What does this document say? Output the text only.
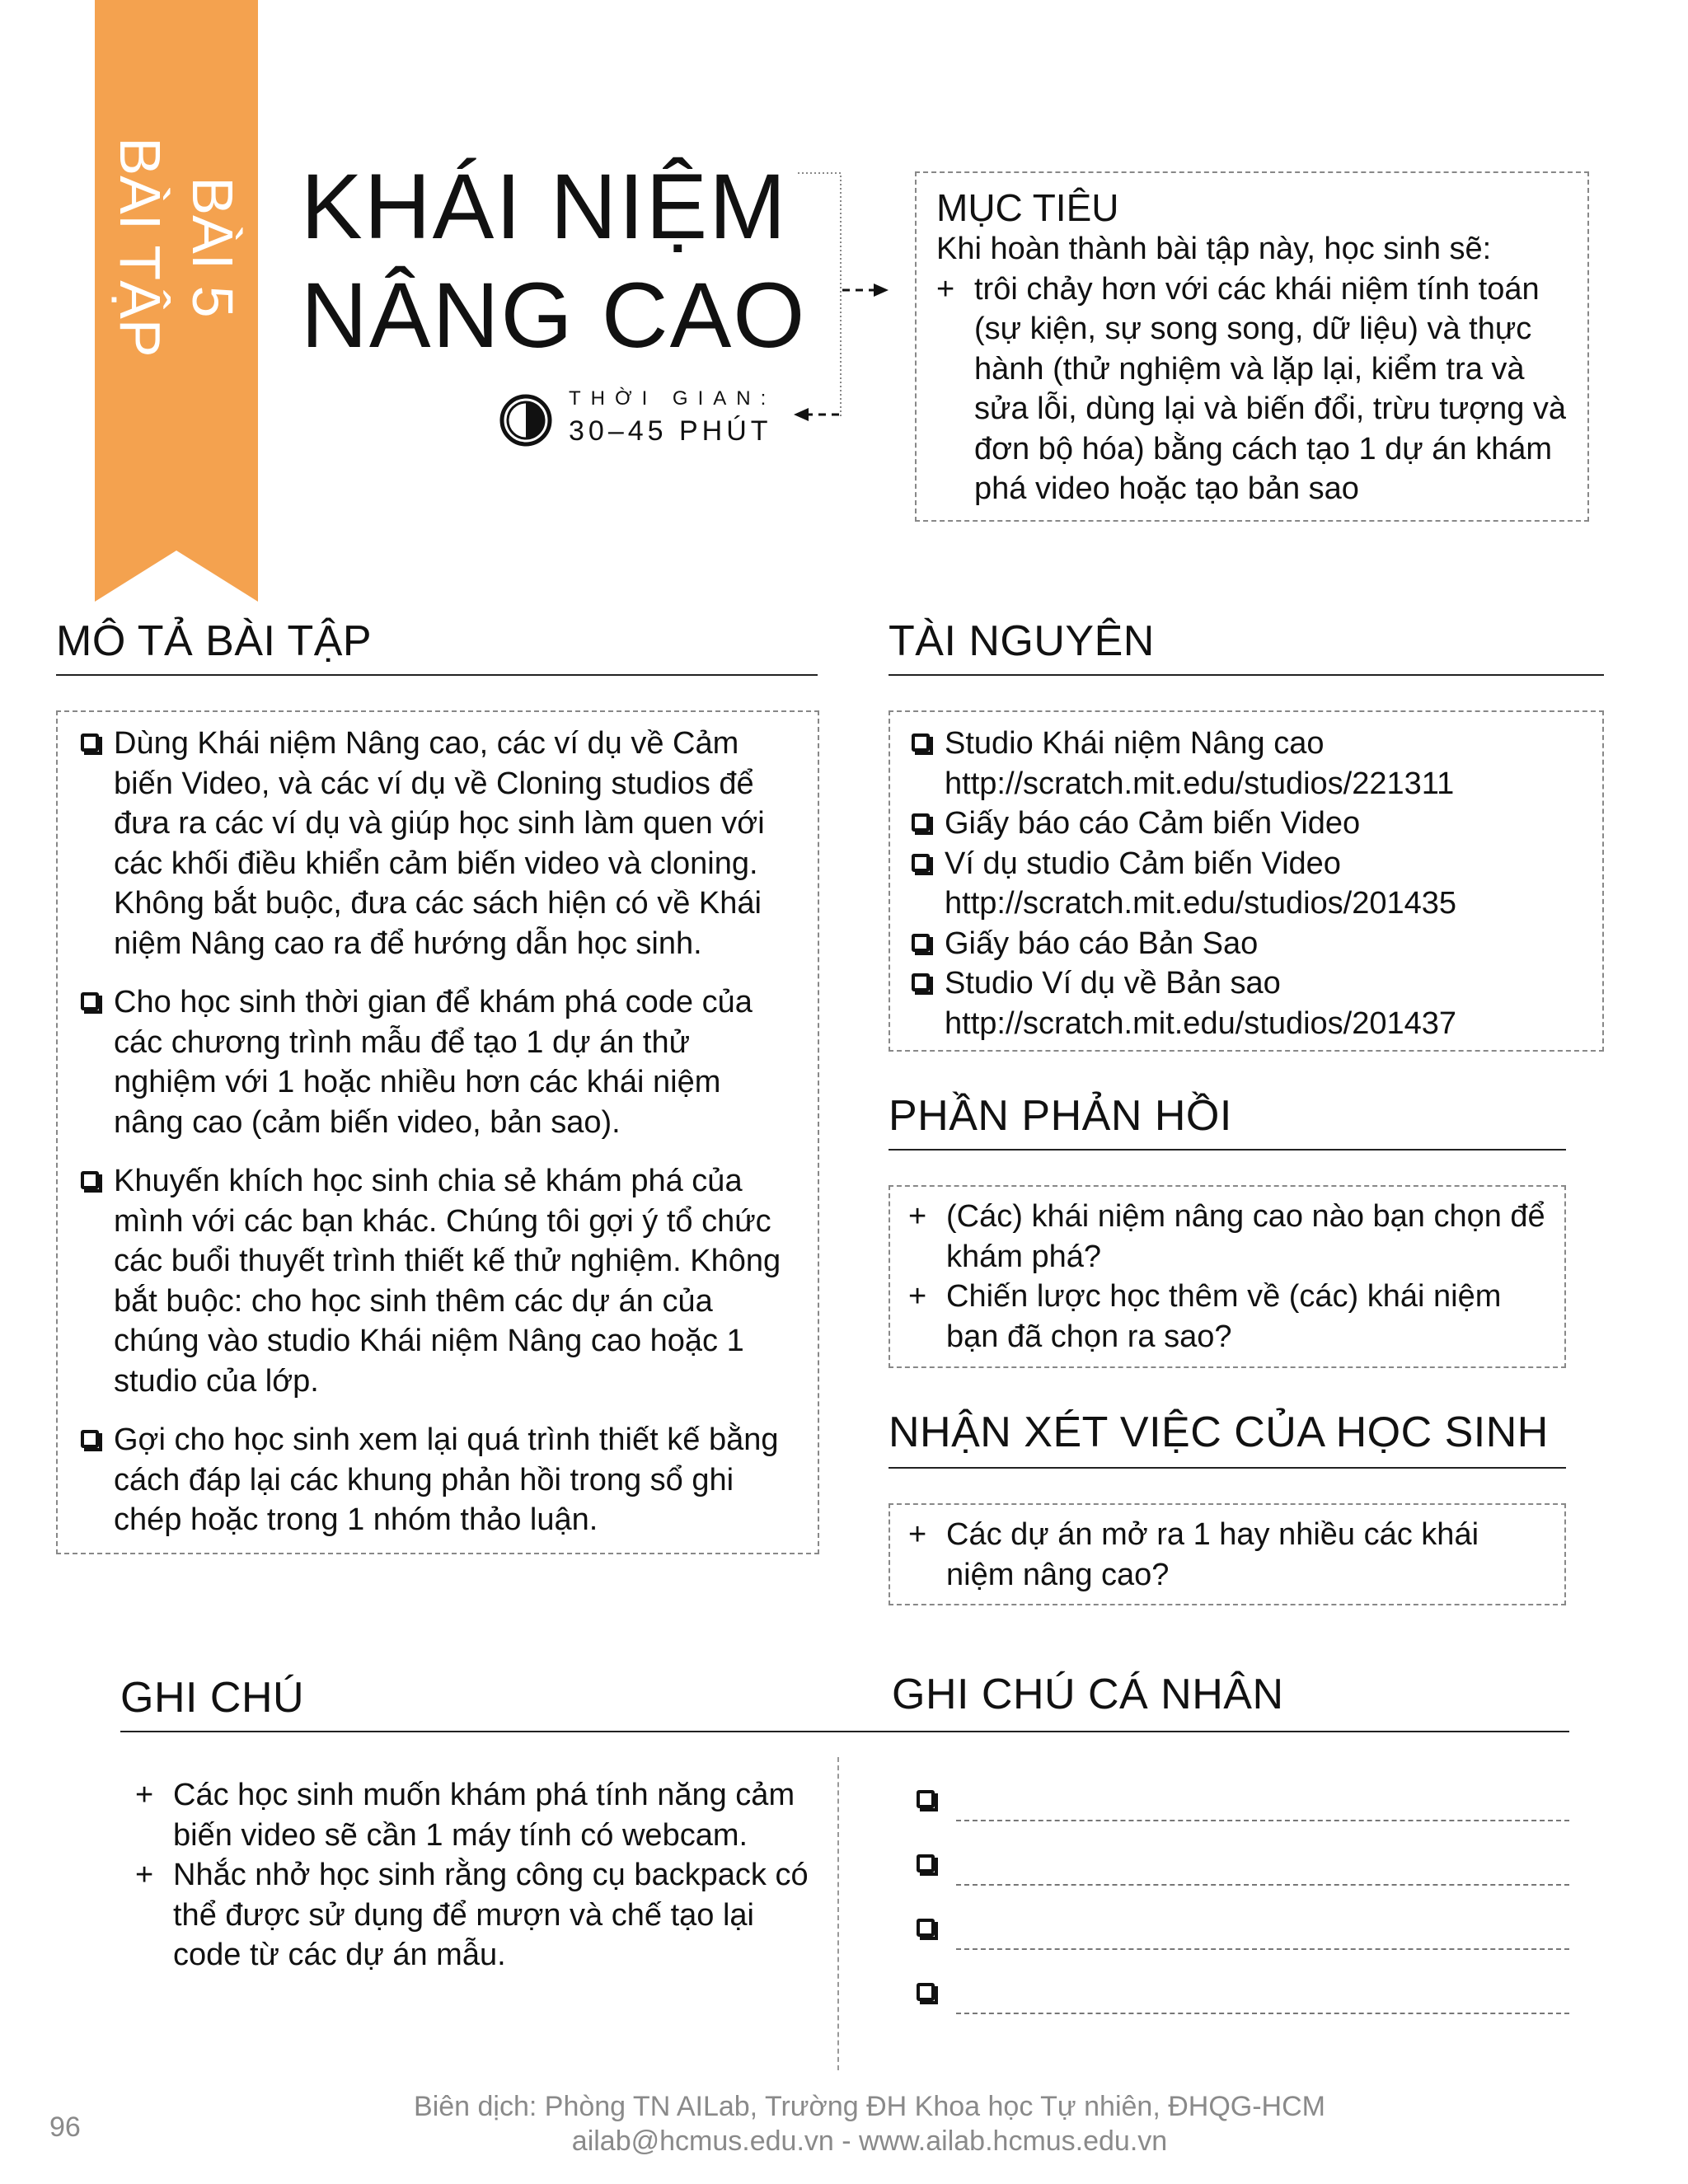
BÀI 5
BÀI TẬP KHÁI NIỆM
NÂNG CAO
THỜI GIAN:
30–45 PHÚT
MỤC TIÊU
Khi hoàn thành bài tập này, học sinh sẽ:
+ trôi chảy hơn với các khái niệm tính toán (sự kiện, sự song song, dữ liệu) và thực hành (thử nghiệm và lặp lại, kiểm tra và sửa lỗi, dùng lại và biến đổi, trừu tượng và đơn bộ hóa) bằng cách tạo 1 dự án khám phá video hoặc tạo bản sao
MÔ TẢ BÀI TẬP
Dùng Khái niệm Nâng cao, các ví dụ về Cảm biến Video, và các ví dụ về Cloning studios để đưa ra các ví dụ và giúp học sinh làm quen với các khối điều khiển cảm biến video và cloning. Không bắt buộc, đưa các sách hiện có về Khái niệm Nâng cao ra để hướng dẫn học sinh.
Cho học sinh thời gian để khám phá code của các chương trình mẫu để tạo 1 dự án thử nghiệm với 1 hoặc nhiều hơn các khái niệm nâng cao (cảm biến video, bản sao).
Khuyến khích học sinh chia sẻ khám phá của mình với các bạn khác. Chúng tôi gợi ý tổ chức các buổi thuyết trình thiết kế thử nghiệm. Không bắt buộc: cho học sinh thêm các dự án của chúng vào studio Khái niệm Nâng cao hoặc 1 studio của lớp.
Gợi cho học sinh xem lại quá trình thiết kế bằng cách đáp lại các khung phản hồi trong sổ ghi chép hoặc trong 1 nhóm thảo luận.
TÀI NGUYÊN
Studio Khái niệm Nâng cao
http://scratch.mit.edu/studios/221311
Giấy báo cáo Cảm biến Video
Ví dụ studio Cảm biến Video
http://scratch.mit.edu/studios/201435
Giấy báo cáo Bản Sao
Studio Ví dụ về Bản sao
http://scratch.mit.edu/studios/201437
PHẦN PHẢN HỒI
+ (Các) khái niệm nâng cao nào bạn chọn để khám phá?
+ Chiến lược học thêm về (các) khái niệm bạn đã chọn ra sao?
NHẬN XÉT VIỆC CỦA HỌC SINH
+ Các dự án mở ra 1 hay nhiều các khái niệm nâng cao?
GHI CHÚ
+ Các học sinh muốn khám phá tính năng cảm biến video sẽ cần 1 máy tính có webcam.
+ Nhắc nhở học sinh rằng công cụ backpack có thể được sử dụng để mượn và chế tạo lại code từ các dự án mẫu.
GHI CHÚ CÁ NHÂN
96
Biên dịch: Phòng TN AILab, Trường ĐH Khoa học Tự nhiên, ĐHQG-HCM
ailab@hcmus.edu.vn - www.ailab.hcmus.edu.vn
